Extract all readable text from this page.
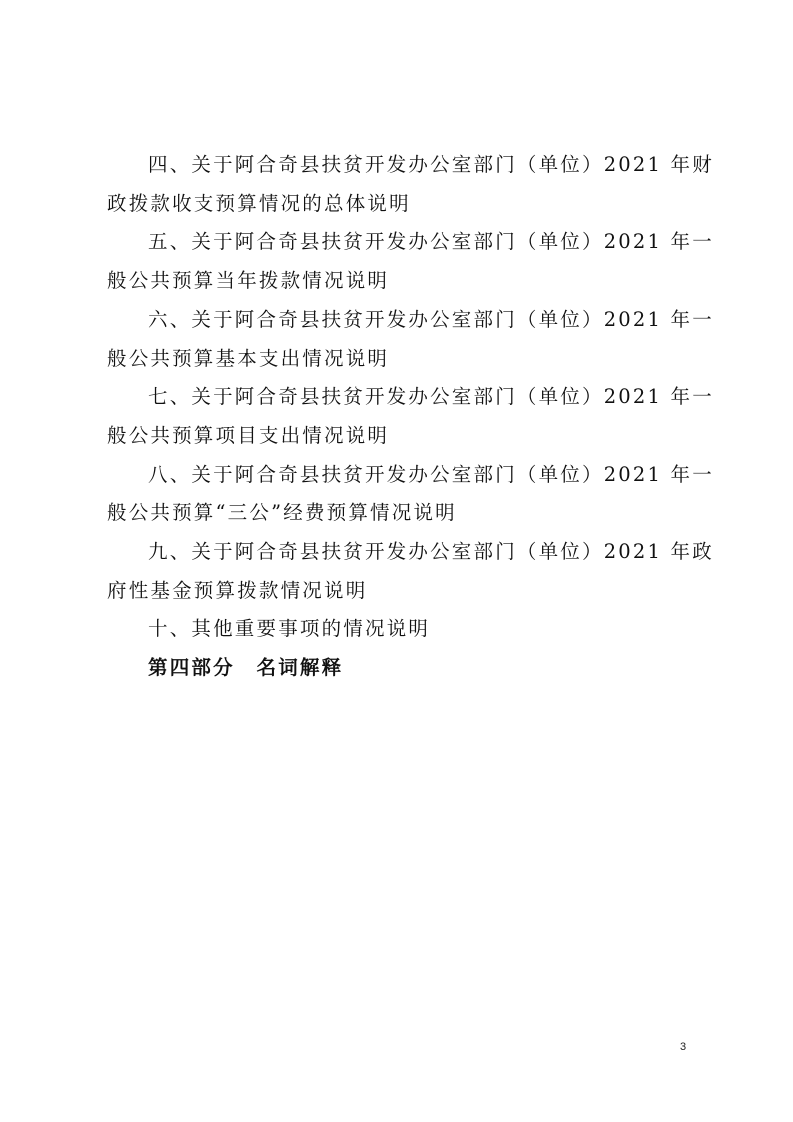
四、关于阿合奇县扶贫开发办公室部门（单位）2021 年财
政拨款收支预算情况的总体说明
五、关于阿合奇县扶贫开发办公室部门（单位）2021 年一
般公共预算当年拨款情况说明
六、关于阿合奇县扶贫开发办公室部门（单位）2021 年一
般公共预算基本支出情况说明
七、关于阿合奇县扶贫开发办公室部门（单位）2021 年一
般公共预算项目支出情况说明
八、关于阿合奇县扶贫开发办公室部门（单位）2021 年一
般公共预算“三公”经费预算情况说明
九、关于阿合奇县扶贫开发办公室部门（单位）2021 年政
府性基金预算拨款情况说明
十、其他重要事项的情况说明
第四部分　名词解释
3
